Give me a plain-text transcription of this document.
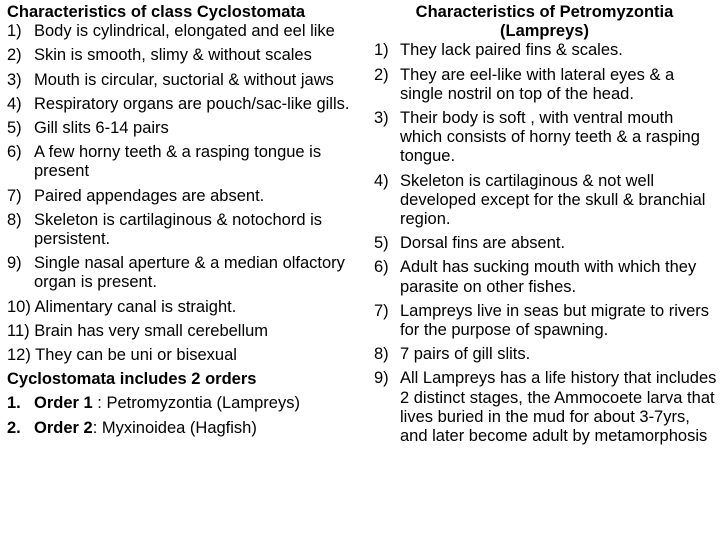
Characteristics of class Cyclostomata

1) Body is cylindrical, elongated and eel like
2) Skin is smooth, slimy & without scales
3) Mouth is circular, suctorial & without jaws
4) Respiratory organs are pouch/sac-like gills.
5) Gill slits 6-14 pairs
6) A few horny teeth & a rasping tongue is present
7) Paired appendages are absent.
8) Skeleton is cartilaginous & notochord is persistent.
9) Single nasal aperture & a median olfactory organ is present.
10) Alimentary canal is straight.
11) Brain has very small cerebellum
12) They can be uni or bisexual

Cyclostomata includes 2 orders

1. Order 1 : Petromyzontia (Lampreys)
2. Order 2: Myxinoidea (Hagfish)

Characteristics of Petromyzontia
(Lampreys)

1) They lack paired fins & scales.
2) They are eel-like with lateral eyes & a single nostril on top of the head.
3) Their body is soft , with ventral mouth which consists of horny teeth & a rasping tongue.
4) Skeleton is cartilaginous & not well developed except for the skull & branchial region.
5) Dorsal fins are absent.
6) Adult has sucking mouth with which they parasite on other fishes.
7) Lampreys live in seas but migrate to rivers for the purpose of spawning.
8) 7 pairs of gill slits.
9) All Lampreys has a life history that includes 2 distinct stages, the Ammocoete larva that lives buried in the mud for about 3-7yrs, and later become adult by metamorphosis
